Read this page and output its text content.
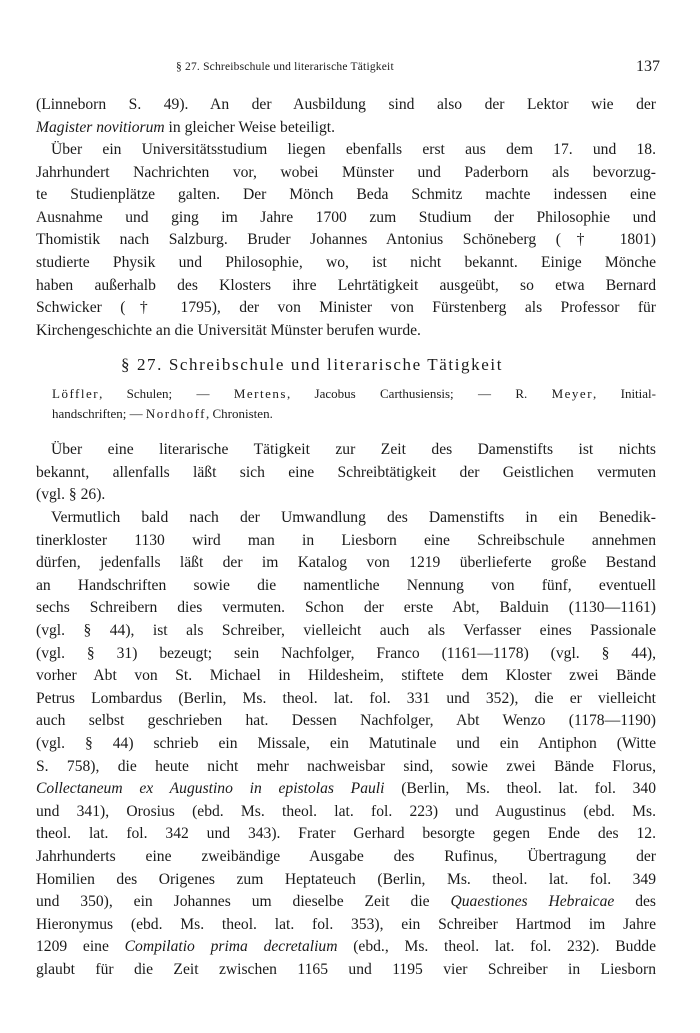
§ 27. Schreibschule und literarische Tätigkeit	137
(Linneborn S. 49). An der Ausbildung sind also der Lektor wie der
Magister novitiorum in gleicher Weise beteiligt.
Über ein Universitätsstudium liegen ebenfalls erst aus dem 17. und 18.
Jahrhundert Nachrichten vor, wobei Münster und Paderborn als bevorzug-
te Studienplätze galten. Der Mönch Beda Schmitz machte indessen eine
Ausnahme und ging im Jahre 1700 zum Studium der Philosophie und
Thomistik nach Salzburg. Bruder Johannes Antonius Schöneberg († 1801)
studierte Physik und Philosophie, wo, ist nicht bekannt. Einige Mönche
haben außerhalb des Klosters ihre Lehrtätigkeit ausgeübt, so etwa Bernard
Schwicker († 1795), der von Minister von Fürstenberg als Professor für
Kirchengeschichte an die Universität Münster berufen wurde.
§ 27. Schreibschule und literarische Tätigkeit
Löffler, Schulen; — Mertens, Jacobus Carthusiensis; — R. Meyer, Initial-
handschriften; — Nordhoff, Chronisten.
Über eine literarische Tätigkeit zur Zeit des Damenstifts ist nichts
bekannt, allenfalls läßt sich eine Schreibtätigkeit der Geistlichen vermuten
(vgl. § 26).
Vermutlich bald nach der Umwandlung des Damenstifts in ein Benedik-
tinerkloster 1130 wird man in Liesborn eine Schreibschule annehmen
dürfen, jedenfalls läßt der im Katalog von 1219 überlieferte große Bestand
an Handschriften sowie die namentliche Nennung von fünf, eventuell
sechs Schreibern dies vermuten. Schon der erste Abt, Balduin (1130—1161)
(vgl. § 44), ist als Schreiber, vielleicht auch als Verfasser eines Passionale
(vgl. § 31) bezeugt; sein Nachfolger, Franco (1161—1178) (vgl. § 44),
vorher Abt von St. Michael in Hildesheim, stiftete dem Kloster zwei Bände
Petrus Lombardus (Berlin, Ms. theol. lat. fol. 331 und 352), die er vielleicht
auch selbst geschrieben hat. Dessen Nachfolger, Abt Wenzo (1178—1190)
(vgl. § 44) schrieb ein Missale, ein Matutinale und ein Antiphon (Witte
S. 758), die heute nicht mehr nachweisbar sind, sowie zwei Bände Florus,
Collectaneum ex Augustino in epistolas Pauli (Berlin, Ms. theol. lat. fol. 340
und 341), Orosius (ebd. Ms. theol. lat. fol. 223) und Augustinus (ebd. Ms.
theol. lat. fol. 342 und 343). Frater Gerhard besorgte gegen Ende des 12.
Jahrhunderts eine zweibändige Ausgabe des Rufinus, Übertragung der
Homilien des Origenes zum Heptateuch (Berlin, Ms. theol. lat. fol. 349
und 350), ein Johannes um dieselbe Zeit die Quaestiones Hebraicae des
Hieronymus (ebd. Ms. theol. lat. fol. 353), ein Schreiber Hartmod im Jahre
1209 eine Compilatio prima decretalium (ebd., Ms. theol. lat. fol. 232). Budde
glaubt für die Zeit zwischen 1165 und 1195 vier Schreiber in Liesborn
